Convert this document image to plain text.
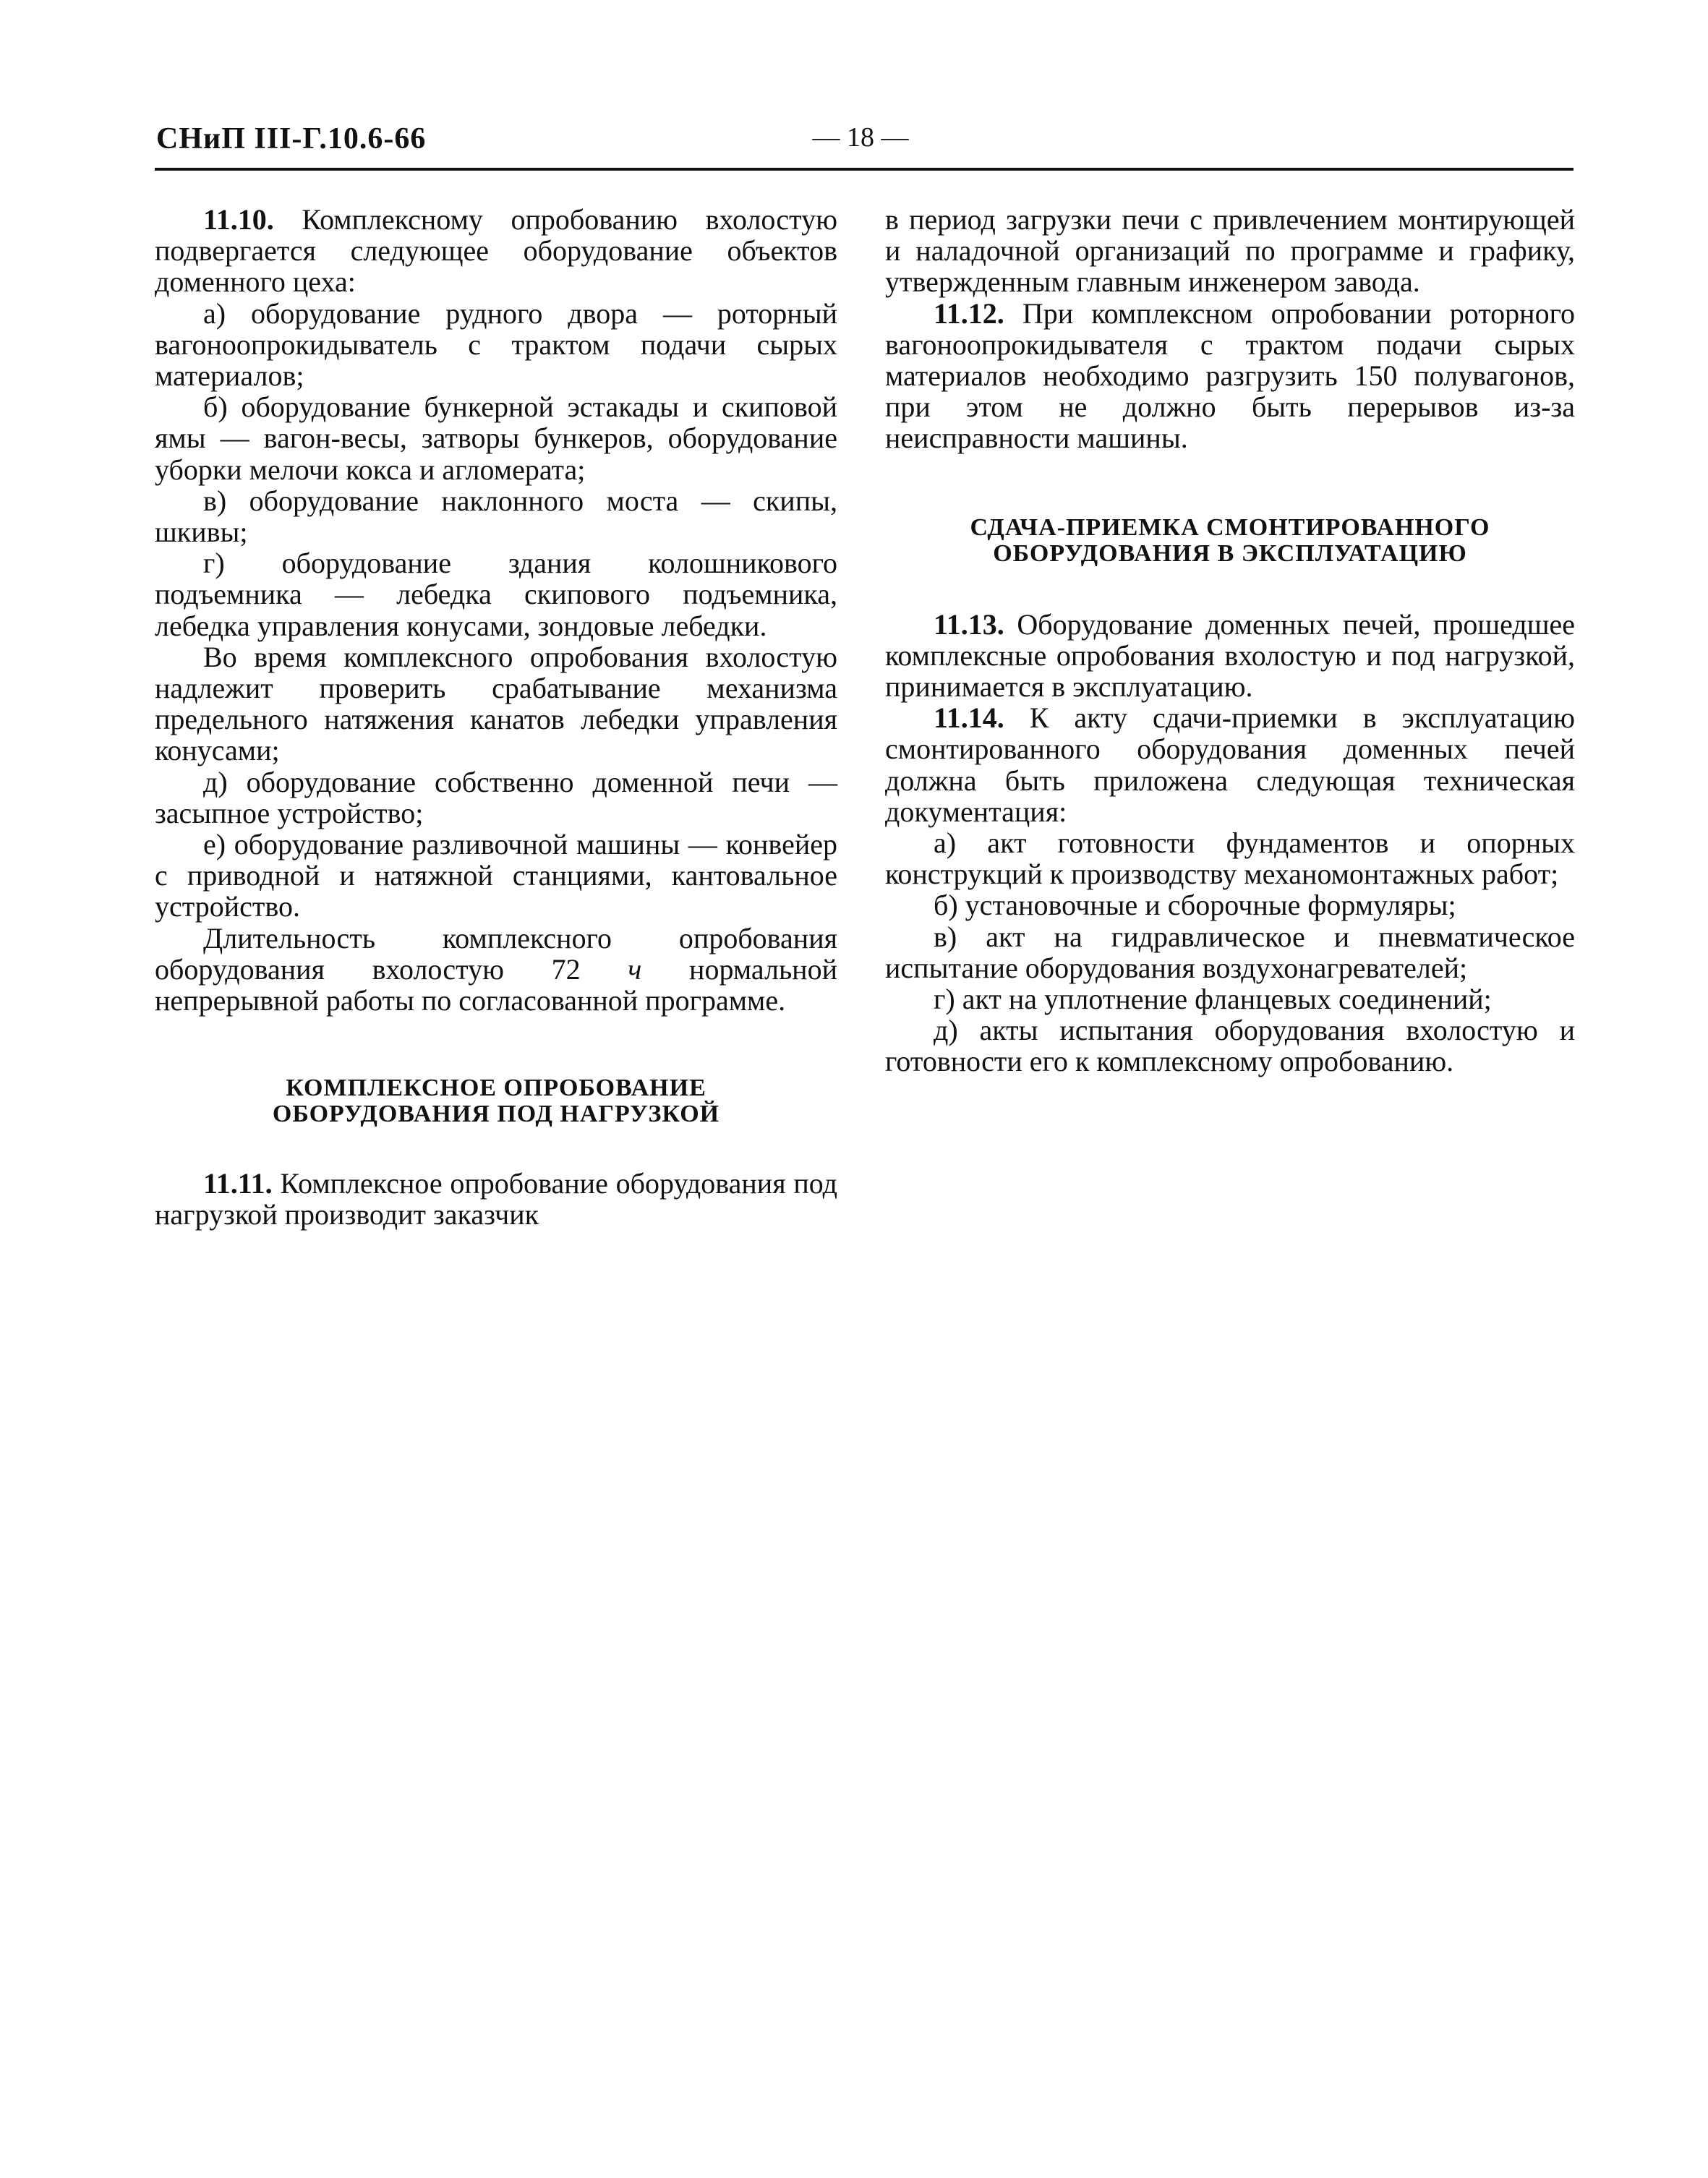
СНиП III-Г.10.6-66	— 18 —

11.10. Комплексному опробованию вхолостую подвергается следующее оборудование объектов доменного цеха:

а) оборудование рудного двора — роторный вагоноопрокидыватель с трактом подачи сырых материалов;

б) оборудование бункерной эстакады и скиповой ямы — вагон-весы, затворы бункеров, оборудование уборки мелочи кокса и агломерата;

в) оборудование наклонного моста — скипы, шкивы;

г) оборудование здания колошникового подъемника — лебедка скипового подъемника, лебедка управления конусами, зондовые лебедки.

Во время комплексного опробования вхолостую надлежит проверить срабатывание механизма предельного натяжения канатов лебедки управления конусами;

д) оборудование собственно доменной печи — засыпное устройство;

е) оборудование разливочной машины — конвейер с приводной и натяжной станциями, кантовальное устройство.

Длительность комплексного опробования оборудования вхолостую 72 ч нормальной непрерывной работы по согласованной программе.

КОМПЛЕКСНОЕ ОПРОБОВАНИЕ
ОБОРУДОВАНИЯ ПОД НАГРУЗКОЙ

11.11. Комплексное опробование оборудования под нагрузкой производит заказчик

в период загрузки печи с привлечением монтирующей и наладочной организаций по программе и графику, утвержденным главным инженером завода.

11.12. При комплексном опробовании роторного вагоноопрокидывателя с трактом подачи сырых материалов необходимо разгрузить 150 полувагонов, при этом не должно быть перерывов из-за неисправности машины.

СДАЧА-ПРИЕМКА СМОНТИРОВАННОГО
ОБОРУДОВАНИЯ В ЭКСПЛУАТАЦИЮ

11.13. Оборудование доменных печей, прошедшее комплексные опробования вхолостую и под нагрузкой, принимается в эксплуатацию.

11.14. К акту сдачи-приемки в эксплуатацию смонтированного оборудования доменных печей должна быть приложена следующая техническая документация:

а) акт готовности фундаментов и опорных конструкций к производству механомонтажных работ;

б) установочные и сборочные формуляры;

в) акт на гидравлическое и пневматическое испытание оборудования воздухонагревателей;

г) акт на уплотнение фланцевых соединений;

д) акты испытания оборудования вхолостую и готовности его к комплексному опробованию.
